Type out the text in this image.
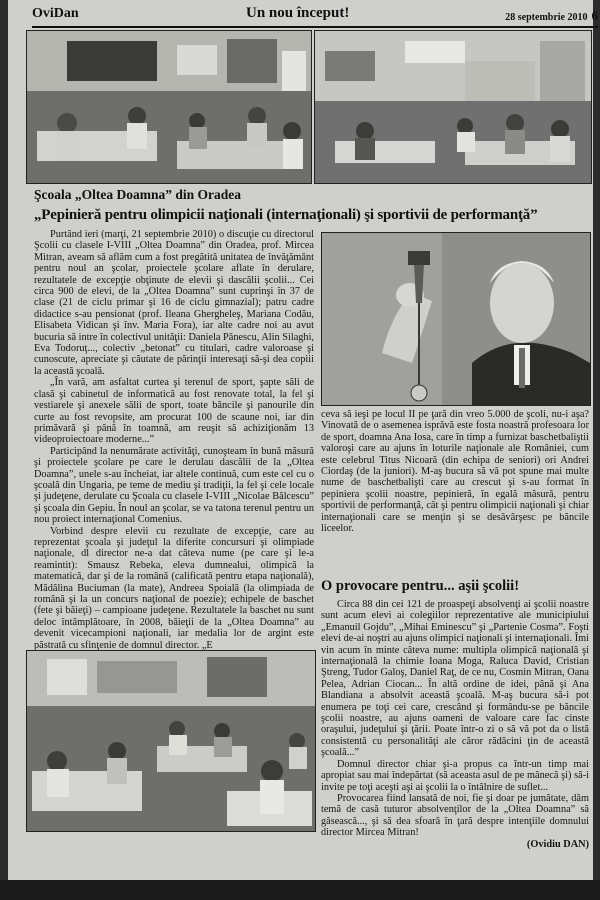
OviDan	Un nou început!	28 septembrie 2010 6
Şcoala „Oltea Doamna” din Oradea
„Pepinieră pentru olimpicii naţionali (internaţionali) şi sportivii de performanţă”

Purtând ieri (marţi, 21 septembrie 2010) o discuţie cu directorul Şcolii cu clasele I-VIII „Oltea Doamna” din Oradea, prof. Mircea Mitran, aveam să aflăm cum a fost pregătită unitatea de învăţământ pentru noul an şcolar, proiectele şcolare aflate în derulare, rezultatele de excepţie obţinute de elevii şi dascălii şcolii... Cei circa 900 de elevi, de la „Oltea Doamna” sunt cuprinşi în 37 de clase (21 de ciclu primar şi 16 de ciclu gimnazial); patru cadre didactice s-au pensionat (prof. Ileana Ghergheleş, Mariana Codău, Elisabeta Vidican şi înv. Maria Fora), iar alte cadre noi au avut bucuria să intre în colectivul unităţii: Daniela Pănescu, Alin Silaghi, Eva Todoruţ..., colectiv „betonat” cu titulari, cadre valoroase şi cunoscute, apreciate şi căutate de părinţii interesaţi să-şi dea copiii la această şcoală.

„În vară, am asfaltat curtea şi terenul de sport, şapte săli de clasă şi cabinetul de informatică au fost renovate total, la fel şi vestiarele şi anexele sălii de sport, toate băncile şi panourile din curte au fost revopsite, am procurat 100 de scaune noi, iar din primăvară şi până în toamnă, am reuşit să achiziţionăm 13 videoproiectoare moderne...”

Participând la nenumărate activităţi, cunoşteam în bună măsură şi proiectele şcolare pe care le derulau dascălii de la „Oltea Doamna”, unele s-au încheiat, iar altele continuă, cum este cel cu o şcoală din Ungaria, pe teme de mediu şi tradiţii, la fel şi cele locale şi judeţene, derulate cu Şcoala cu clasele I-VIII „Nicolae Bălcescu” şi şcoala din Gepiu. În noul an şcolar, se va tatona terenul pentru un nou proiect internaţional Comenius.

Vorbind despre elevii cu rezultate de excepţie, care au reprezentat şcoala şi judeţul la diferite concursuri şi olimpiade naţionale, dl director ne-a dat câteva nume (pe care şi le-a reamintit): Smausz Rebeka, eleva dumnealui, olimpică la matematică, dar şi de la română (calificată pentru etapa naţională), Mădălina Buciuman (la mate), Andreea Spoială (la olimpiada de română şi la un concurs naţional de poezie); echipele de baschet (fete şi băieţi) – campioane judeţene. Rezultatele la baschet nu sunt deloc întâmplătoare, în 2008, băieţii de la „Oltea Doamna” au devenit vicecampioni naţionali, iar medalia lor de argint este păstrată cu sfinţenie de domnul director. „E

ceva să ieşi pe locul II pe ţară din vreo 5.000 de şcoli, nu-i aşa? Vinovată de o asemenea isprăvă este fosta noastră profesoara lor de sport, doamna Ana Iosa, care în timp a furnizat baschetbaliştii valoroşi care au ajuns în loturile naţionale ale României, cum este celebrul Titus Nicoară (din echipa de seniori) ori Andrei Ciordaş (de la juniori). M-aş bucura să vă pot spune mai multe nume de baschetbalişti care au crescut şi s-au format în pepiniera şcolii noastre, pepinieră, în egală măsură, pentru sportivii de performanţă, cât şi pentru olimpicii naţionali şi chiar internaţionali care se menţin şi se desăvârşesc pe băncile liceelor.

O provocare pentru... aşii şcolii!

Circa 88 din cei 121 de proaspeţi absolvenţi ai şcolii noastre sunt acum elevi ai colegiilor reprezentative ale municipiului „Emanuil Gojdu”, „Mihai Eminescu” şi „Partenie Cosma”. Foşti elevi de-ai noştri au ajuns olimpici naţionali şi internaţionali. Îmi vin acum în minte câteva nume: multipla olimpică naţională şi internaţională la chimie Ioana Moga, Raluca David, Cristian Ştreng, Tudor Galoş, Daniel Raţ, de ce nu, Cosmin Mitran, Oana Pelea, Adrian Ciocan... În altă ordine de idei, până şi Ana Blandiana a absolvit această şcoală. M-aş bucura să-i pot enumera pe toţi cei care, crescând şi formându-se pe băncile şcolii noastre, au ajuns oameni de valoare care fac cinste oraşului, judeţului şi ţării. Poate într-o zi o să vă pot da o listă consistentă cu personalităţi ale căror rădăcini ţin de această şcoală...”

Domnul director chiar şi-a propus ca într-un timp mai apropiat sau mai îndepărtat (să aceasta asul de pe mânecă şi) să-i invite pe toţi aceşti aşi ai şcolii la o întâlnire de suflet...

Provocarea fiind lansată de noi, fie şi doar pe jumătate, dăm temă de casă tuturor absolvenţilor de la „Oltea Doamna” să găsească..., şi să dea sfoară în ţară despre intenţiile domnului director Mircea Mitran!

(Ovidiu DAN)
